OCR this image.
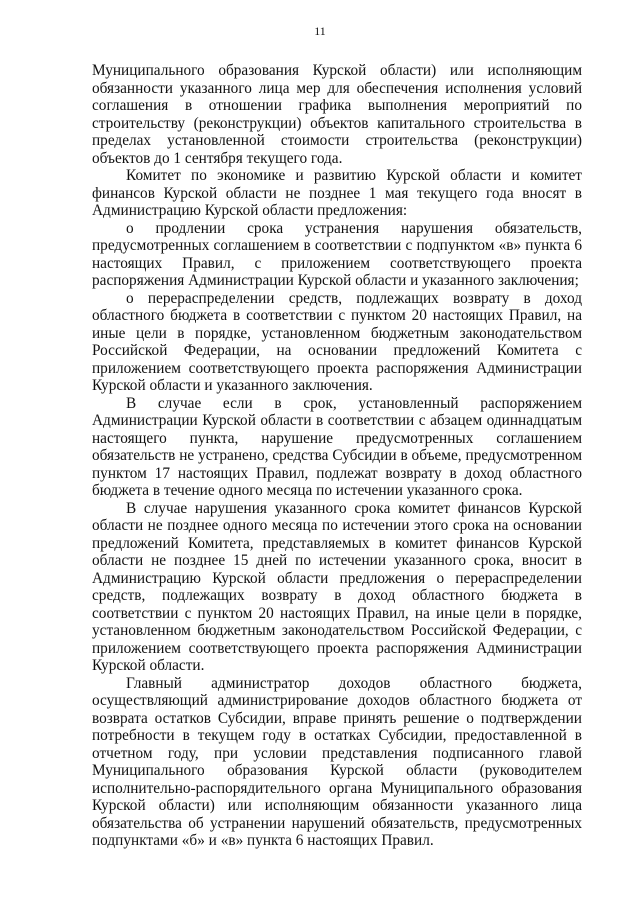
11

Муниципального образования Курской области) или исполняющим обязанности указанного лица мер для обеспечения исполнения условий соглашения в отношении графика выполнения мероприятий по строительству (реконструкции) объектов капитального строительства в пределах установленной стоимости строительства (реконструкции) объектов до 1 сентября текущего года.

Комитет по экономике и развитию Курской области и комитет финансов Курской области не позднее 1 мая текущего года вносят в Администрацию Курской области предложения:

о продлении срока устранения нарушения обязательств, предусмотренных соглашением в соответствии с подпунктом «в» пункта 6 настоящих Правил, с приложением соответствующего проекта распоряжения Администрации Курской области и указанного заключения;

о перераспределении средств, подлежащих возврату в доход областного бюджета в соответствии с пунктом 20 настоящих Правил, на иные цели в порядке, установленном бюджетным законодательством Российской Федерации, на основании предложений Комитета с приложением соответствующего проекта распоряжения Администрации Курской области и указанного заключения.

В случае если в срок, установленный распоряжением Администрации Курской области в соответствии с абзацем одиннадцатым настоящего пункта, нарушение предусмотренных соглашением обязательств не устранено, средства Субсидии в объеме, предусмотренном пунктом 17 настоящих Правил, подлежат возврату в доход областного бюджета в течение одного месяца по истечении указанного срока.

В случае нарушения указанного срока комитет финансов Курской области не позднее одного месяца по истечении этого срока на основании предложений Комитета, представляемых в комитет финансов Курской области не позднее 15 дней по истечении указанного срока, вносит в Администрацию Курской области предложения о перераспределении средств, подлежащих возврату в доход областного бюджета в соответствии с пунктом 20 настоящих Правил, на иные цели в порядке, установленном бюджетным законодательством Российской Федерации, с приложением соответствующего проекта распоряжения Администрации Курской области.

Главный администратор доходов областного бюджета, осуществляющий администрирование доходов областного бюджета от возврата остатков Субсидии, вправе принять решение о подтверждении потребности в текущем году в остатках Субсидии, предоставленной в отчетном году, при условии представления подписанного главой Муниципального образования Курской области (руководителем исполнительно-распорядительного органа Муниципального образования Курской области) или исполняющим обязанности указанного лица обязательства об устранении нарушений обязательств, предусмотренных подпунктами «б» и «в» пункта 6 настоящих Правил.
